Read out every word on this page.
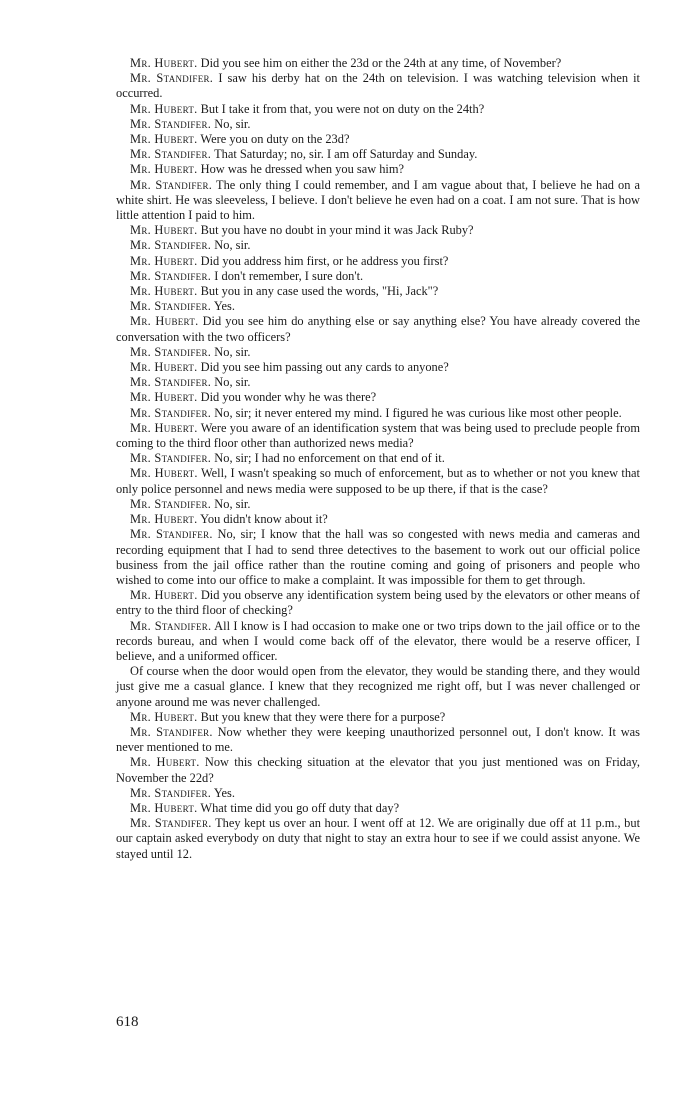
Mr. Hubert. Did you see him on either the 23d or the 24th at any time, of November?

Mr. Standifer. I saw his derby hat on the 24th on television. I was watching television when it occurred.

Mr. Hubert. But I take it from that, you were not on duty on the 24th?

Mr. Standifer. No, sir.

Mr. Hubert. Were you on duty on the 23d?

Mr. Standifer. That Saturday; no, sir. I am off Saturday and Sunday.

Mr. Hubert. How was he dressed when you saw him?

Mr. Standifer. The only thing I could remember, and I am vague about that, I believe he had on a white shirt. He was sleeveless, I believe. I don't believe he even had on a coat. I am not sure. That is how little attention I paid to him.

Mr. Hubert. But you have no doubt in your mind it was Jack Ruby?

Mr. Standifer. No, sir.

Mr. Hubert. Did you address him first, or he address you first?

Mr. Standifer. I don't remember, I sure don't.

Mr. Hubert. But you in any case used the words, "Hi, Jack"?

Mr. Standifer. Yes.

Mr. Hubert. Did you see him do anything else or say anything else? You have already covered the conversation with the two officers?

Mr. Standifer. No, sir.

Mr. Hubert. Did you see him passing out any cards to anyone?

Mr. Standifer. No, sir.

Mr. Hubert. Did you wonder why he was there?

Mr. Standifer. No, sir; it never entered my mind. I figured he was curious like most other people.

Mr. Hubert. Were you aware of an identification system that was being used to preclude people from coming to the third floor other than authorized news media?

Mr. Standifer. No, sir; I had no enforcement on that end of it.

Mr. Hubert. Well, I wasn't speaking so much of enforcement, but as to whether or not you knew that only police personnel and news media were supposed to be up there, if that is the case?

Mr. Standifer. No, sir.

Mr. Hubert. You didn't know about it?

Mr. Standifer. No, sir; I know that the hall was so congested with news media and cameras and recording equipment that I had to send three detectives to the basement to work out our official police business from the jail office rather than the routine coming and going of prisoners and people who wished to come into our office to make a complaint. It was impossible for them to get through.

Mr. Hubert. Did you observe any identification system being used by the elevators or other means of entry to the third floor of checking?

Mr. Standifer. All I know is I had occasion to make one or two trips down to the jail office or to the records bureau, and when I would come back off of the elevator, there would be a reserve officer, I believe, and a uniformed officer.

Of course when the door would open from the elevator, they would be standing there, and they would just give me a casual glance. I knew that they recognized me right off, but I was never challenged or anyone around me was never challenged.

Mr. Hubert. But you knew that they were there for a purpose?

Mr. Standifer. Now whether they were keeping unauthorized personnel out, I don't know. It was never mentioned to me.

Mr. Hubert. Now this checking situation at the elevator that you just mentioned was on Friday, November the 22d?

Mr. Standifer. Yes.

Mr. Hubert. What time did you go off duty that day?

Mr. Standifer. They kept us over an hour. I went off at 12. We are originally due off at 11 p.m., but our captain asked everybody on duty that night to stay an extra hour to see if we could assist anyone. We stayed until 12.

618
